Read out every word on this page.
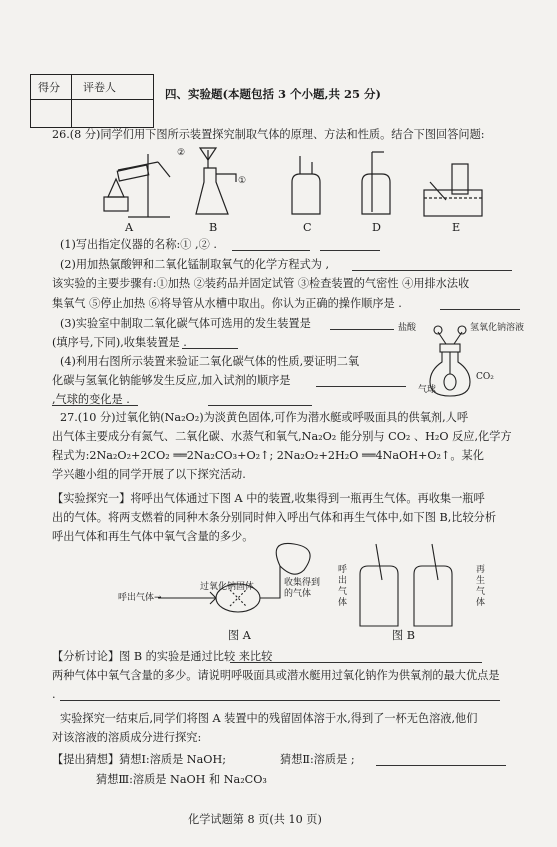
得分 评卷人	四、实验题(本题包括 3 个小题,共 25 分)
26.(8 分)同学们用下图所示装置探究制取气体的原理、方法和性质。结合下图回答问题:
②
①
A	B	C	D	E
(1)写出指定仪器的名称:① ,② .
(2)用加热氯酸钾和二氧化锰制取氧气的化学方程式为 ,
该实验的主要步骤有:①加热 ②装药品并固定试管 ③检查装置的气密性 ④用排水法收
集氧气 ⑤停止加热 ⑥将导管从水槽中取出。你认为正确的操作顺序是 .
(3)实验室中制取二氧化碳气体可选用的发生装置是
(填序号,下同),收集装置是 .
(4)利用右图所示装置来验证二氧化碳气体的性质,要证明二氧
化碳与氢氧化钠能够发生反应,加入试剂的顺序是
,气球的变化是 .
盐酸	氢氧化钠溶液
气球
CO₂
27.(10 分)过氧化钠(Na₂O₂)为淡黄色固体,可作为潜水艇或呼吸面具的供氧剂,人呼
出气体主要成分有氮气、二氧化碳、水蒸气和氧气,Na₂O₂ 能分别与 CO₂ 、H₂O 反应,化学方
程式为:2Na₂O₂+2CO₂ ══2Na₂CO₃+O₂↑; 2Na₂O₂+2H₂O ══4NaOH+O₂↑。某化
学兴趣小组的同学开展了以下探究活动.
【实验探究一】将呼出气体通过下图 A 中的装置,收集得到一瓶再生气体。再收集一瓶呼
出的气体。将两支燃着的同种木条分别同时伸入呼出气体和再生气体中,如下图 B,比较分析
呼出气体和再生气体中氧气含量的多少。
呼出气体→
过氧化钠固体	收集得到的气体
图 A
呼出气体
再生气体
图 B
【分析讨论】图 B 的实验是通过比较 来比较
两种气体中氧气含量的多少。请说明呼吸面具或潜水艇用过氧化钠作为供氧剂的最大优点是
.
实验探究一结束后,同学们将图 A 装置中的残留固体溶于水,得到了一杯无色溶液,他们
对该溶液的溶质成分进行探究:
【提出猜想】猜想Ⅰ:溶质是 NaOH;	猜想Ⅱ:溶质是 ;
猜想Ⅲ:溶质是 NaOH 和 Na₂CO₃
化学试题第 8 页(共 10 页)
